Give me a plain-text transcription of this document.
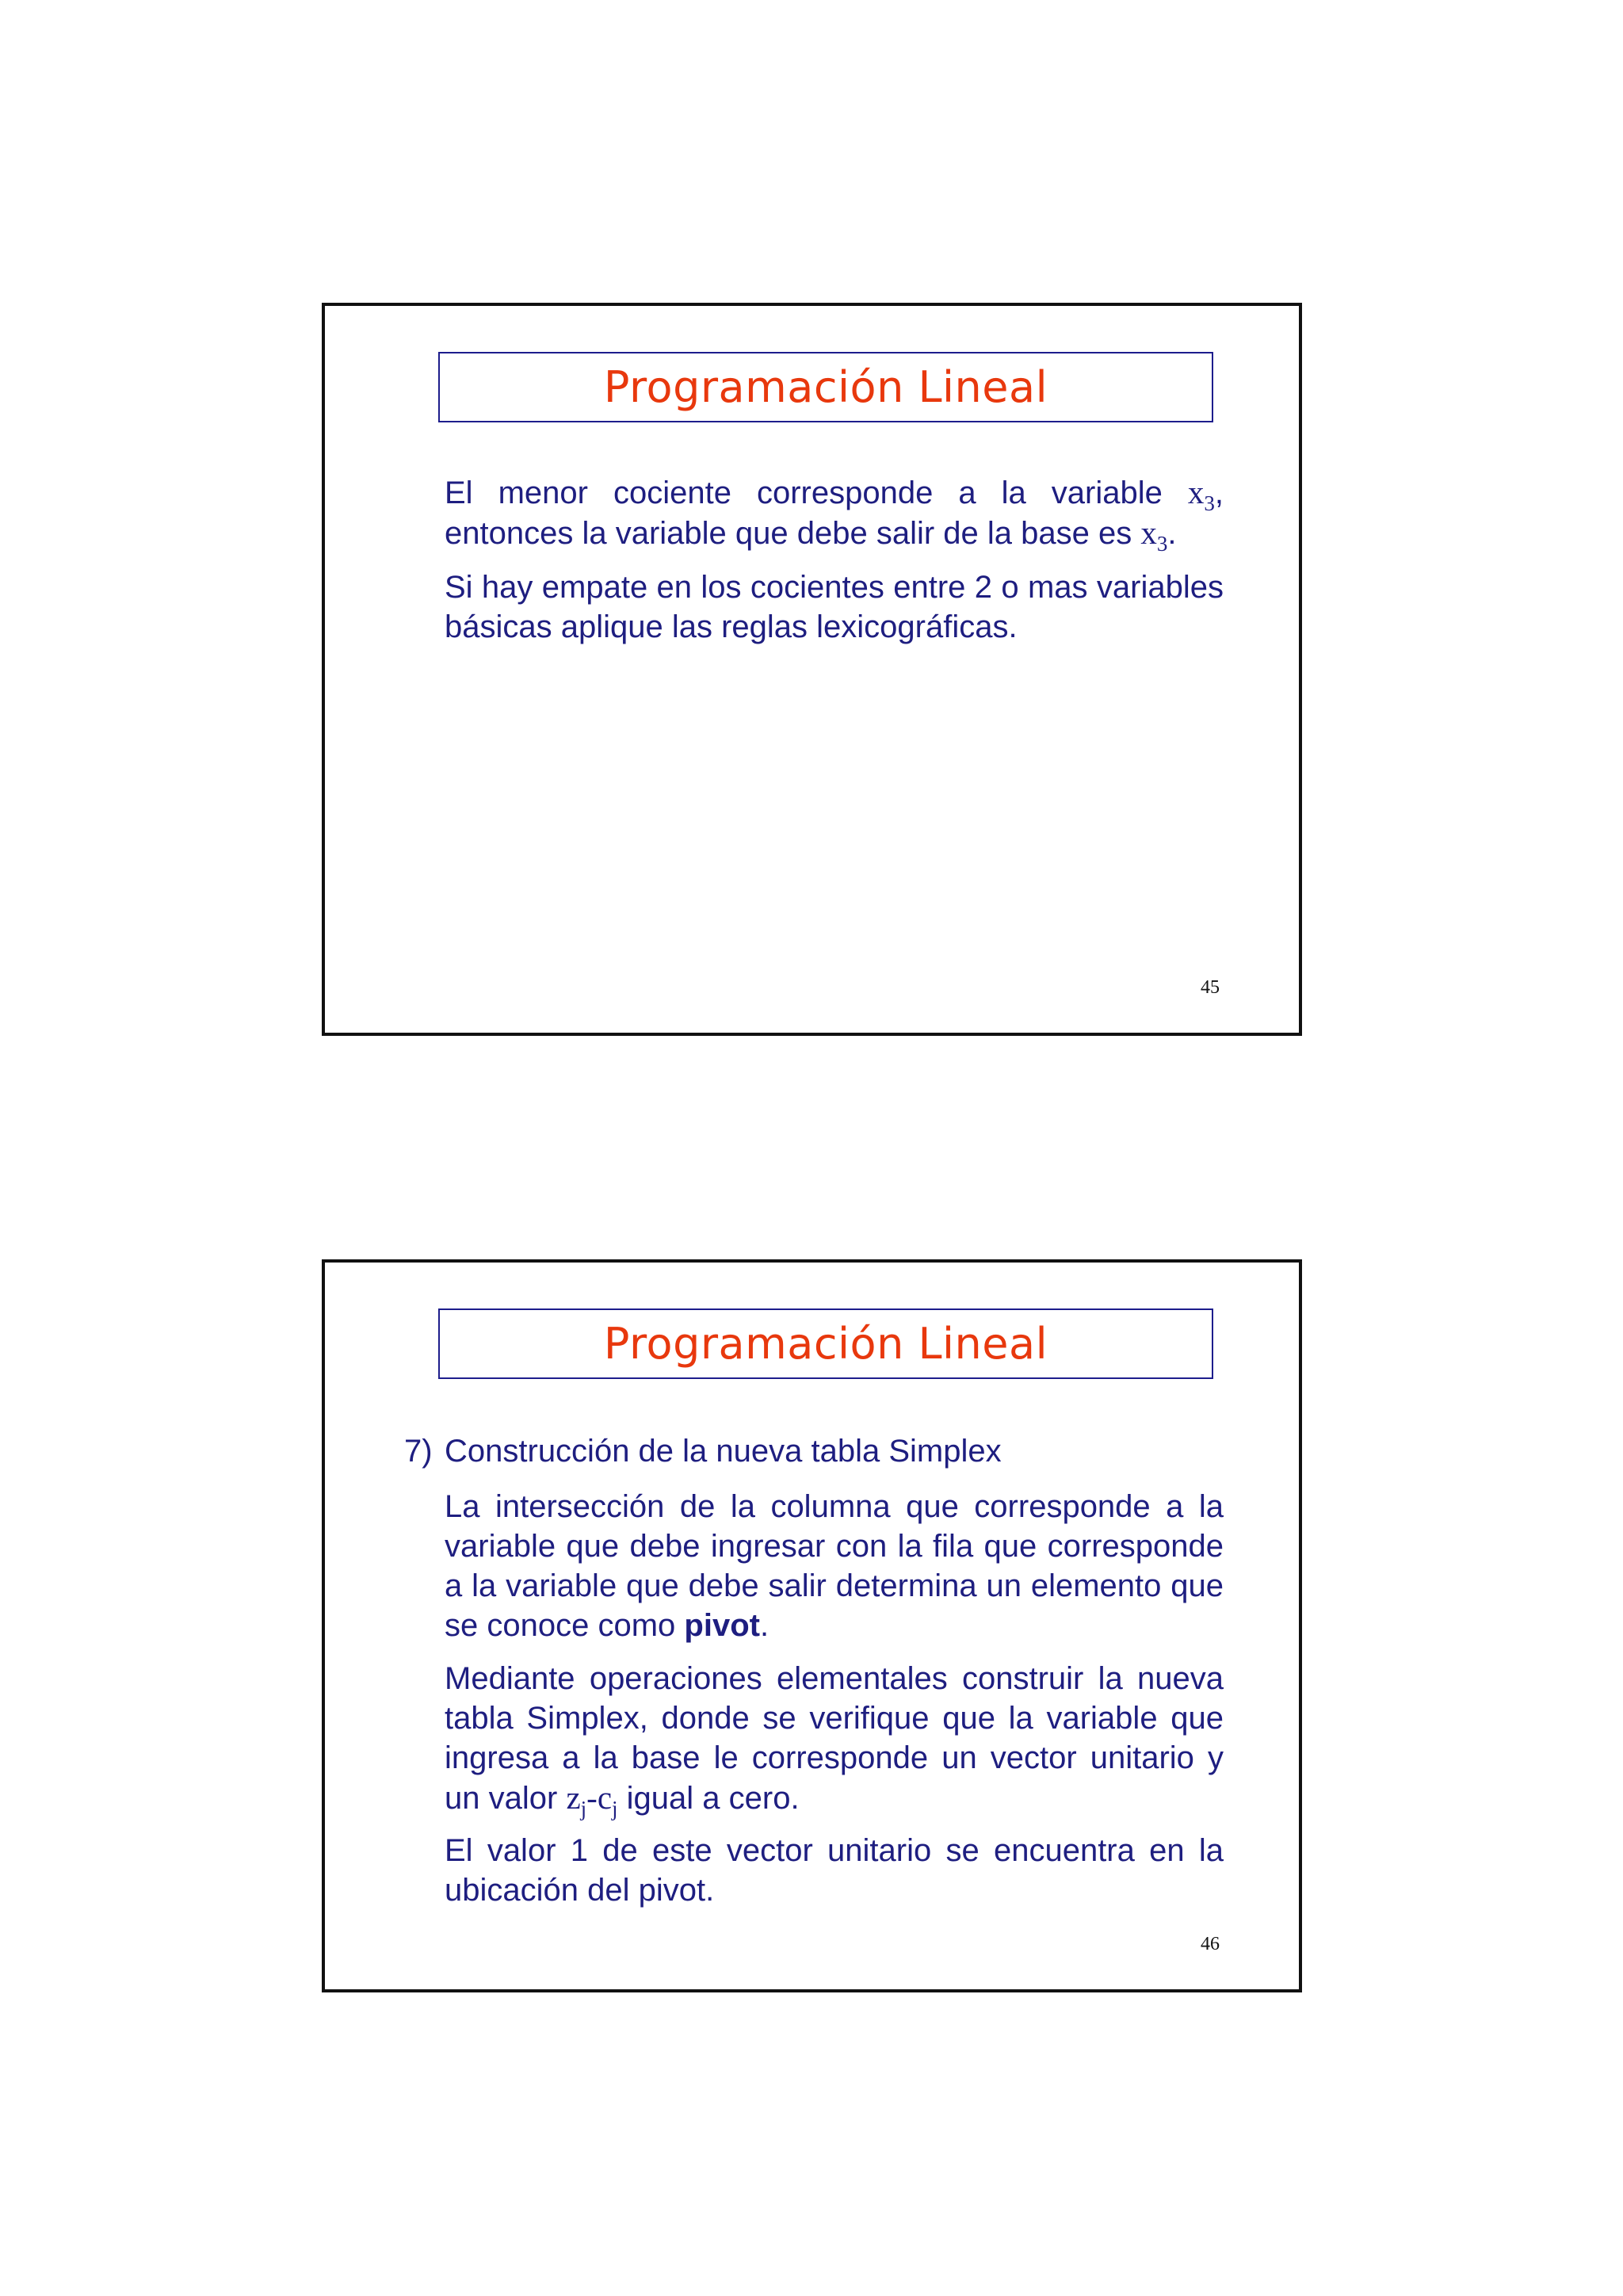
Programación Lineal

El menor cociente corresponde a la variable $x_3$, entonces la variable que debe salir de la base es $x_3$.

Si hay empate en los cocientes entre 2 o mas variables básicas aplique las reglas lexicográficas.

45
Programación Lineal
7) Construcción de la nueva tabla Simplex

La intersección de la columna que corresponde a la variable que debe ingresar con la fila que corresponde a la variable que debe salir determina un elemento que se conoce como pivot.

Mediante operaciones elementales construir la nueva tabla Simplex, donde se verifique que la variable que ingresa a la base le corresponde un vector unitario y un valor $z_j-c_j$ igual a cero.

El valor 1 de este vector unitario se encuentra en la ubicación del pivot.

46
